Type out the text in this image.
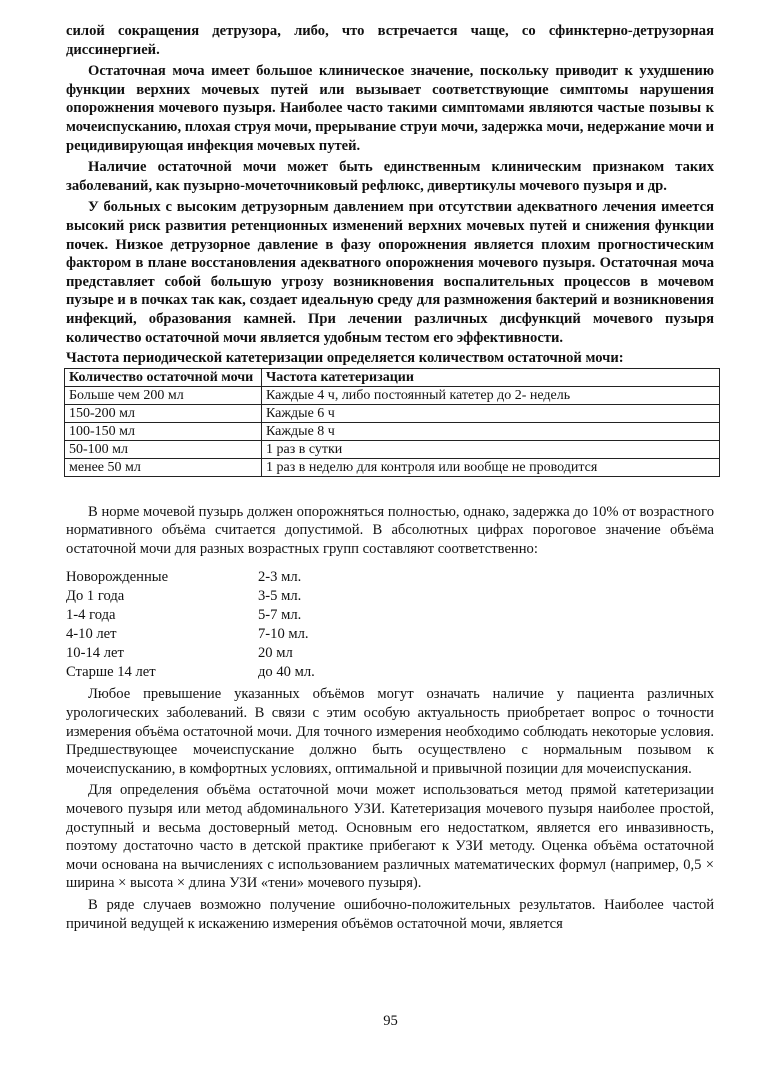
силой сокращения детрузора, либо, что встречается чаще, со сфинктерно-детрузорная диссинергией.

Остаточная моча имеет большое клиническое значение, поскольку приводит к ухудшению функции верхних мочевых путей или вызывает соответствующие симптомы нарушения опорожнения мочевого пузыря. Наиболее часто такими симптомами являются частые позывы к мочеиспусканию, плохая струя мочи, прерывание струи мочи, задержка мочи, недержание мочи и рецидивирующая инфекция мочевых путей.

Наличие остаточной мочи может быть единственным клиническим признаком таких заболеваний, как пузырно-мочеточниковый рефлюкс, дивертикулы мочевого пузыря и др.

У больных с высоким детрузорным давлением при отсутствии адекватного лечения имеется высокий риск развития ретенционных изменений верхних мочевых путей и снижения функции почек. Низкое детрузорное давление в фазу опорожнения является плохим прогностическим фактором в плане восстановления адекватного опорожнения мочевого пузыря. Остаточная моча представляет собой большую угрозу возникновения воспалительных процессов в мочевом пузыре и в почках так как, создает идеальную среду для размножения бактерий и возникновения инфекций, образования камней. При лечении различных дисфункций мочевого пузыря количество остаточной мочи является удобным тестом его эффективности.

Частота периодической катетеризации определяется количеством остаточной мочи:

Количество остаточной мочи	Частота катетеризации
Больше чем 200 мл	Каждые 4 ч, либо постоянный катетер до 2- недель
150-200 мл	Каждые 6 ч
100-150 мл	Каждые 8 ч
50-100 мл	1 раз в сутки
менее 50 мл	1 раз в неделю для контроля или вообще не проводится

В норме мочевой пузырь должен опорожняться полностью, однако, задержка до 10% от возрастного нормативного объёма считается допустимой. В абсолютных цифрах пороговое значение объёма остаточной мочи для разных возрастных групп составляют соответственно:

Новорожденные	2-3 мл.
До 1 года	3-5 мл.
1-4 года	5-7 мл.
4-10 лет	7-10 мл.
10-14 лет	20 мл
Старше 14 лет	до 40 мл.

Любое превышение указанных объёмов могут означать наличие у пациента различных урологических заболеваний. В связи с этим особую актуальность приобретает вопрос о точности измерения объёма остаточной мочи. Для точного измерения необходимо соблюдать некоторые условия. Предшествующее мочеиспускание должно быть осуществлено с нормальным позывом к мочеиспусканию, в комфортных условиях, оптимальной и привычной позиции для мочеиспускания.

Для определения объёма остаточной мочи может использоваться метод прямой катетеризации мочевого пузыря или метод абдоминального УЗИ. Катетеризация мочевого пузыря наиболее простой, доступный и весьма достоверный метод. Основным его недостатком, является его инвазивность, поэтому достаточно часто в детской практике прибегают к УЗИ методу. Оценка объёма остаточной мочи основана на вычислениях с использованием различных математических формул (например, 0,5 × ширина × высота × длина УЗИ «тени» мочевого пузыря).

В ряде случаев возможно получение ошибочно-положительных результатов. Наиболее частой причиной ведущей к искажению измерения объёмов остаточной мочи, является

95
